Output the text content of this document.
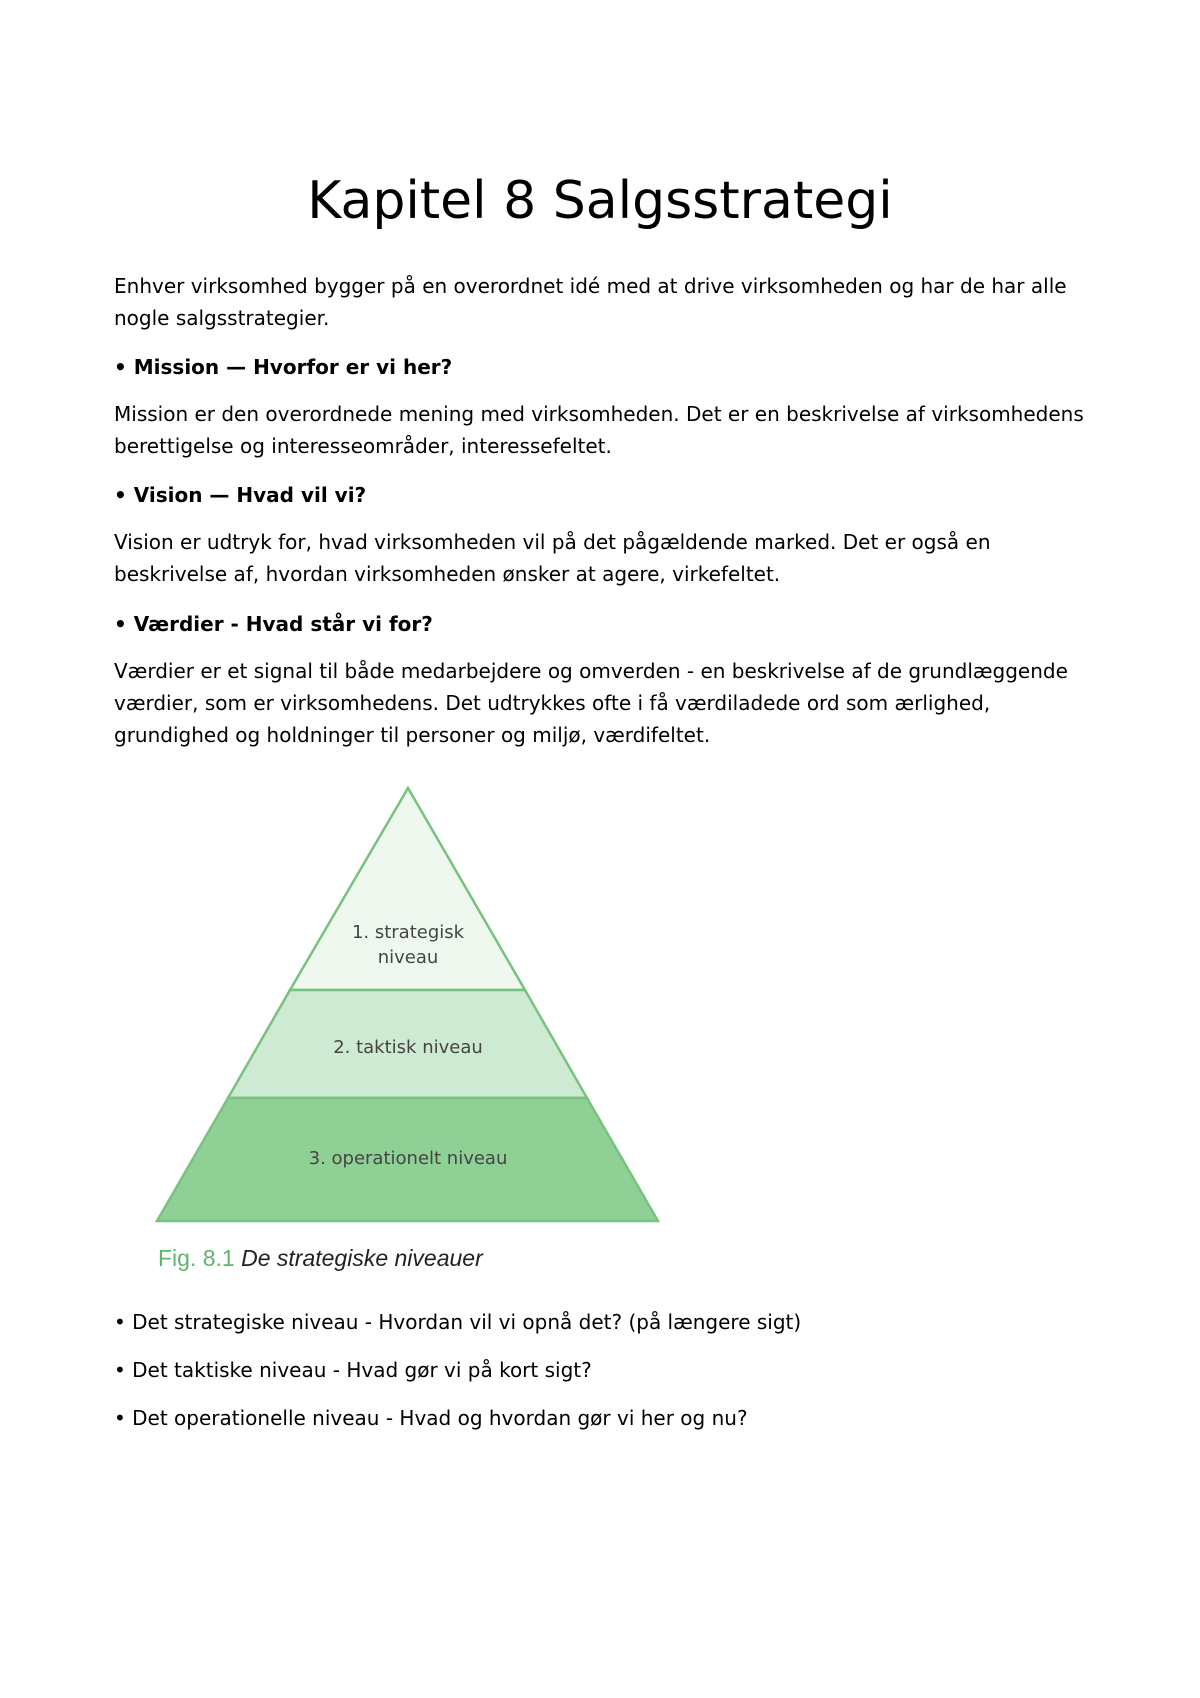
Kapitel 8 Salgsstrategi

Enhver virksomhed bygger på en overordnet idé med at drive virksomheden og har de har alle nogle salgsstrategier.

• Mission — Hvorfor er vi her?

Mission er den overordnede mening med virksomheden. Det er en beskrivelse af virksomhedens berettigelse og interesseområder, interessefeltet.

• Vision — Hvad vil vi?

Vision er udtryk for, hvad virksomheden vil på det pågældende marked. Det er også en beskrivelse af, hvordan virksomheden ønsker at agere, virkefeltet.

• Værdier - Hvad står vi for?

Værdier er et signal til både medarbejdere og omverden - en beskrivelse af de grundlæggende værdier, som er virksomhedens. Det udtrykkes ofte i få værdiladede ord som ærlighed, grundighed og holdninger til personer og miljø, værdifeltet.

1. strategisk
niveau
2. taktisk niveau
3. operationelt niveau
Fig. 8.1 De strategiske niveauer

• Det strategiske niveau - Hvordan vil vi opnå det? (på længere sigt)

• Det taktiske niveau - Hvad gør vi på kort sigt?

• Det operationelle niveau - Hvad og hvordan gør vi her og nu?
